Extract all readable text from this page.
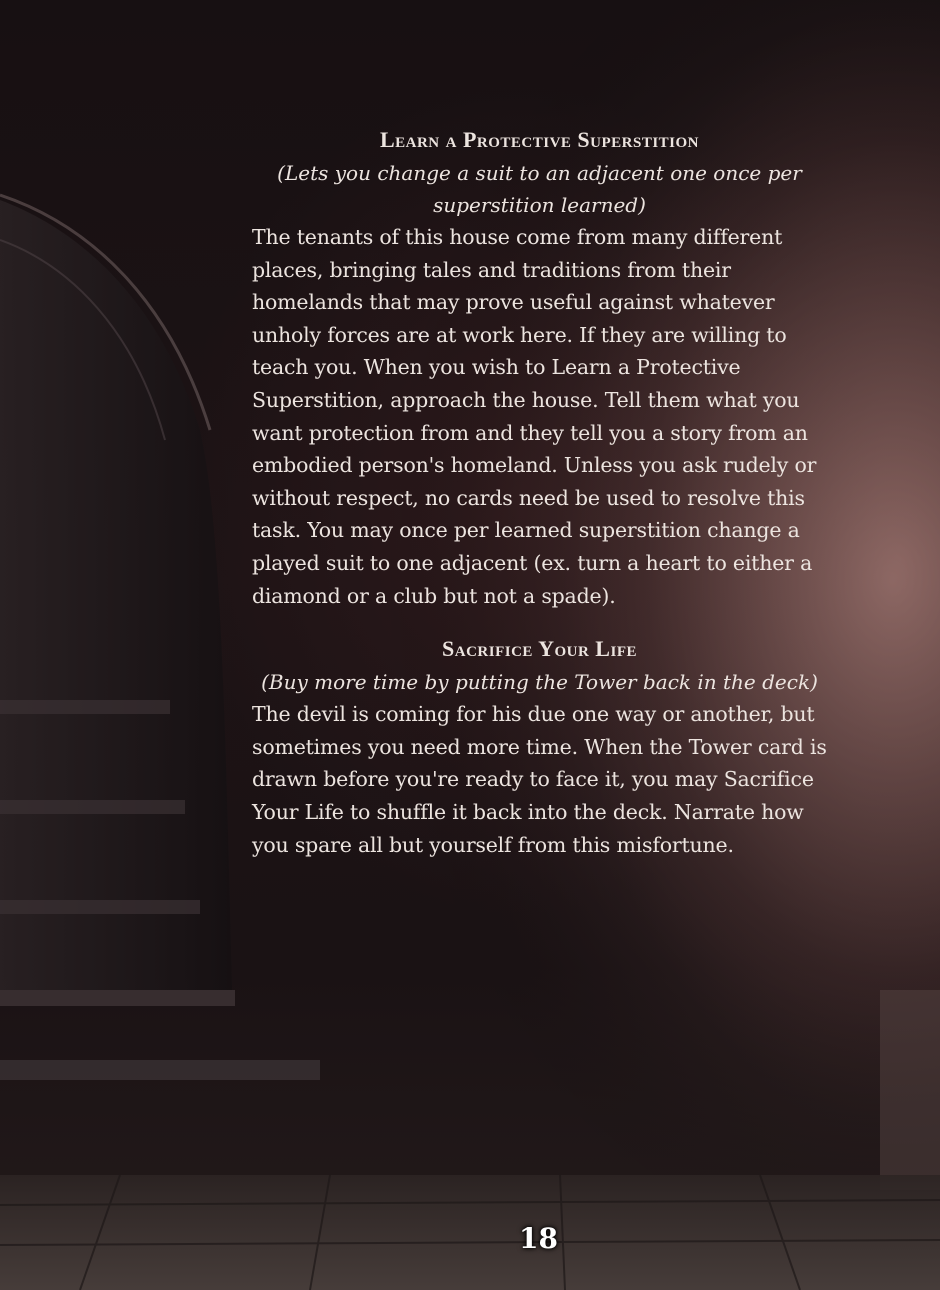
Learn a Protective Superstition

(Lets you change a suit to an adjacent one once per superstition learned)

The tenants of this house come from many different places, bringing tales and traditions from their homelands that may prove useful against whatever unholy forces are at work here. If they are willing to teach you. When you wish to Learn a Protective Superstition, approach the house. Tell them what you want protection from and they tell you a story from an embodied person's homeland. Unless you ask rudely or without respect, no cards need be used to resolve this task. You may once per learned superstition change a played suit to one adjacent (ex. turn a heart to either a diamond or a club but not a spade).

Sacrifice Your Life

(Buy more time by putting the Tower back in the deck)

The devil is coming for his due one way or another, but sometimes you need more time. When the Tower card is drawn before you're ready to face it, you may Sacrifice Your Life to shuffle it back into the deck. Narrate how you spare all but yourself from this misfortune.

18
